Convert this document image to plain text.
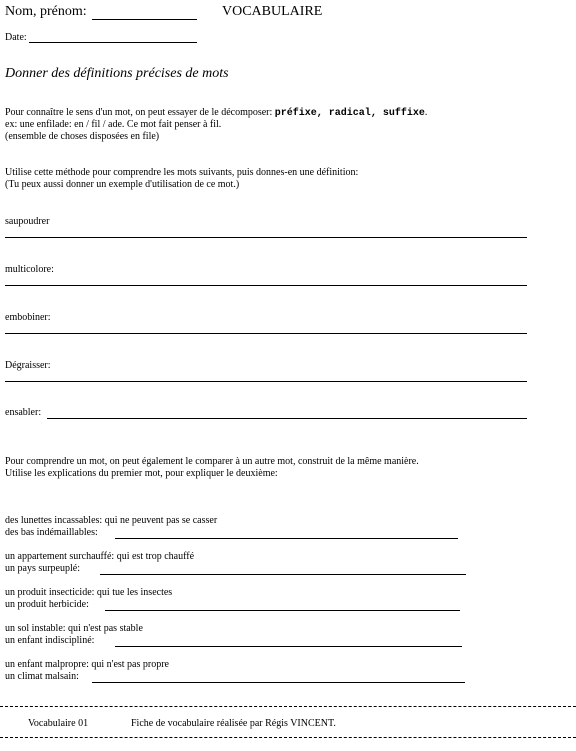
Nom, prénom:	VOCABULAIRE
Date:
Donner des définitions précises de mots
Pour connaître le sens d'un mot, on peut essayer de le décomposer: préfixe, radical, suffixe.
ex: une enfilade: en / fil / ade. Ce mot fait penser à fil.
(ensemble de choses disposées en file)
Utilise cette méthode pour comprendre les mots suivants, puis donnes-en une définition:
(Tu peux aussi donner un exemple d'utilisation de ce mot.)
saupoudrer
multicolore:
embobiner:
Dégraisser:
ensabler:
Pour comprendre un mot, on peut également le comparer à un autre mot, construit de la même manière.
Utilise les explications du premier mot, pour expliquer le deuxième:
des lunettes incassables: qui ne peuvent pas se casser
des bas indémaillables:
un appartement surchauffé: qui est trop chauffé
un pays surpeuplé:
un produit insecticide: qui tue les insectes
un produit herbicide:
un sol instable: qui n'est pas stable
un enfant indiscipliné:
un enfant malpropre: qui n'est pas propre
un climat malsain:
Vocabulaire 01	Fiche de vocabulaire réalisée par Régis VINCENT.
